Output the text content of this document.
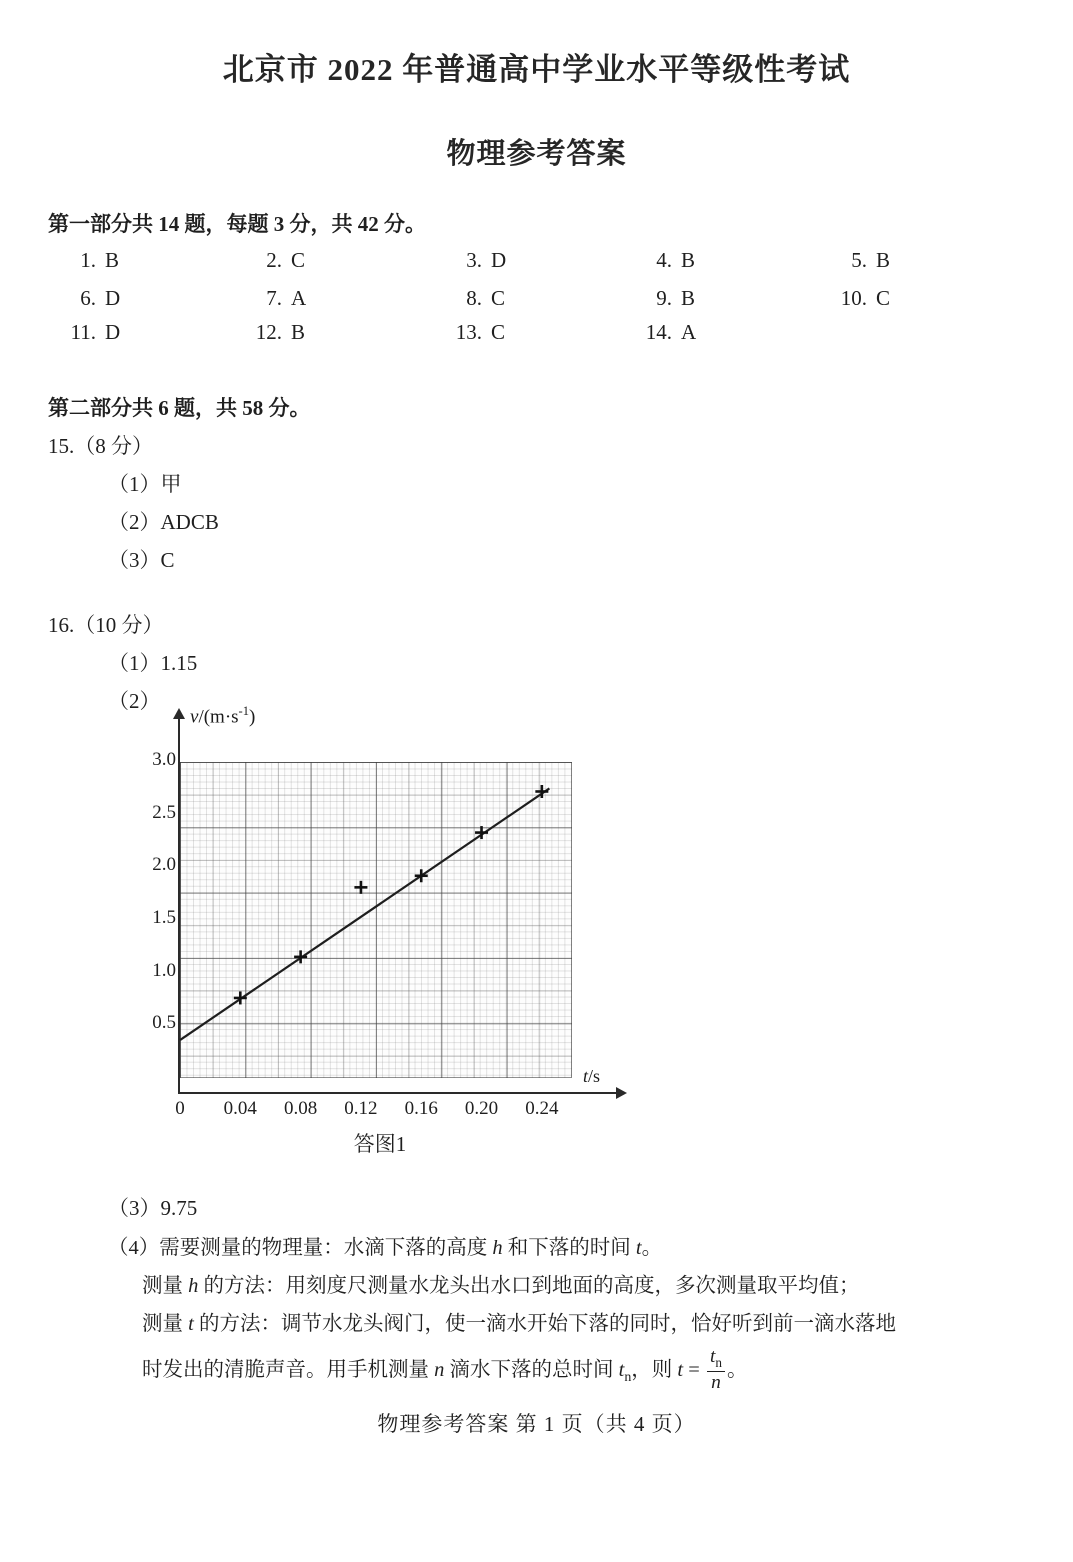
北京市 2022 年普通高中学业水平等级性考试
物理参考答案
第一部分共 14 题，每题 3 分，共 42 分。
1. B	2. C	3. D	4. B	5. B
6. D	7. A	8. C	9. B	10. C
11. D	12. B	13. C	14. A
第二部分共 6 题，共 58 分。
15.（8 分）
（1）甲
（2）ADCB
（3）C
16.（10 分）
（1）1.15
（2）
$v/(m\cdot s^{-1})$
t/s
0.5
1.0
1.5
2.0
2.5
3.0
0	0.04	0.08	0.12	0.16	0.20	0.24
答图1
（3）9.75
（4）需要测量的物理量：水滴下落的高度 h 和下落的时间 t。
测量 h 的方法：用刻度尺测量水龙头出水口到地面的高度，多次测量取平均值；
测量 t 的方法：调节水龙头阀门，使一滴水开始下落的同时，恰好听到前一滴水落地
时发出的清脆声音。用手机测量 n 滴水下落的总时间 $t_n$，则 $t = \frac{t_n}{n}$ 。
物理参考答案 第 1 页（共 4 页）
